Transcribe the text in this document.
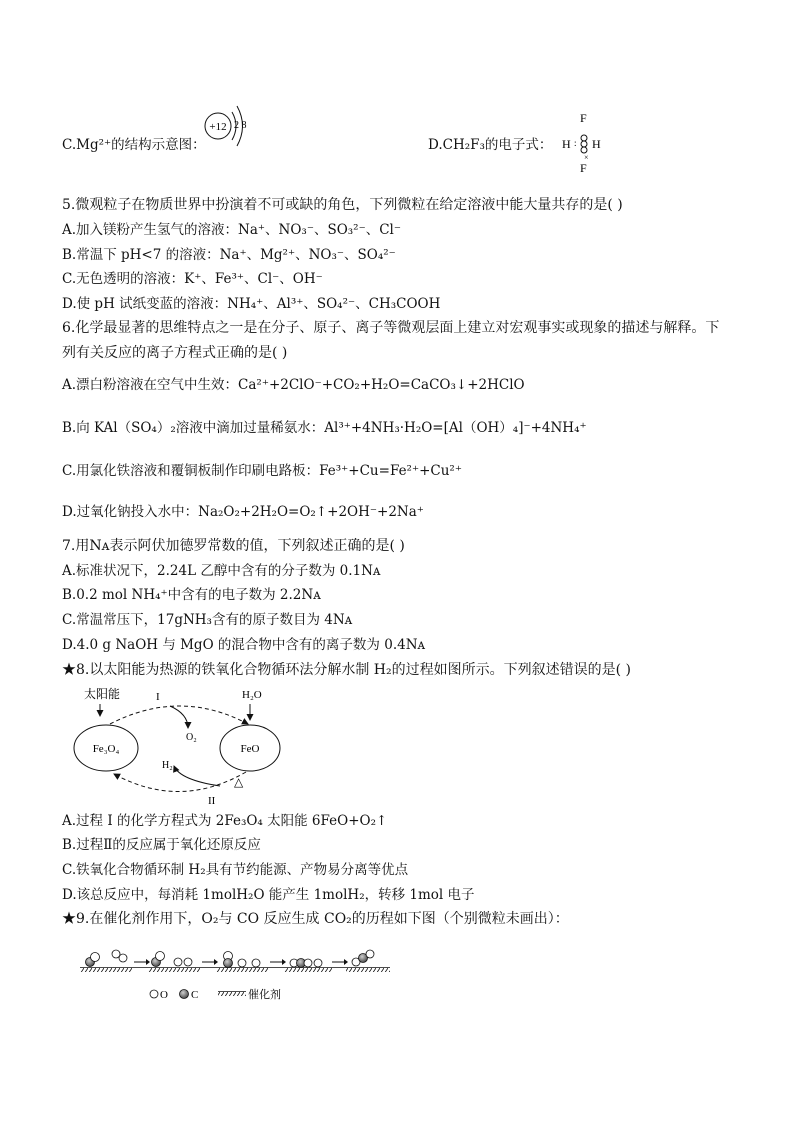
C.Mg²⁺的结构示意图：
+12 2 8
D.CH₂F₃的电子式：
F
H : H
×
F
5.微观粒子在物质世界中扮演着不可或缺的角色，下列微粒在给定溶液中能大量共存的是( )
A.加入镁粉产生氢气的溶液：Na⁺、NO₃⁻、SO₃²⁻、Cl⁻
B.常温下 pH<7 的溶液：Na⁺、Mg²⁺、NO₃⁻、SO₄²⁻
C.无色透明的溶液：K⁺、Fe³⁺、Cl⁻、OH⁻
D.使 pH 试纸变蓝的溶液：NH₄⁺、Al³⁺、SO₄²⁻、CH₃COOH
6.化学最显著的思维特点之一是在分子、原子、离子等微观层面上建立对宏观事实或现象的描述与解释。下
列有关反应的离子方程式正确的是( )
A.漂白粉溶液在空气中生效：Ca²⁺+2ClO⁻+CO₂+H₂O=CaCO₃↓+2HClO
B.向 KAl（SO₄）₂溶液中滴加过量稀氨水：Al³⁺+4NH₃·H₂O=[Al（OH）₄]⁻+4NH₄⁺
C.用氯化铁溶液和覆铜板制作印刷电路板：Fe³⁺+Cu=Fe²⁺+Cu²⁺
D.过氧化钠投入水中：Na₂O₂+2H₂O=O₂↑+2OH⁻+2Na⁺
7.用Nᴀ表示阿伏加德罗常数的值，下列叙述正确的是( )
A.标准状况下，2.24L 乙醇中含有的分子数为 0.1Nᴀ
B.0.2 mol NH₄⁺中含有的电子数为 2.2Nᴀ
C.常温常压下，17gNH₃含有的原子数目为 4Nᴀ
D.4.0 g NaOH 与 MgO 的混合物中含有的离子数为 0.4Nᴀ
★8.以太阳能为热源的铁氧化合物循环法分解水制 H₂的过程如图所示。下列叙述错误的是( )
太阳能	I
O₂
H₂O
Fe₃O₄	FeO
H₂
△
II
A.过程 I 的化学方程式为 2Fe₃O₄ 太阳能 6FeO+O₂↑
B.过程Ⅱ的反应属于氧化还原反应
C.铁氧化合物循环制 H₂具有节约能源、产物易分离等优点
D.该总反应中，每消耗 1molH₂O 能产生 1molH₂，转移 1mol 电子
★9.在催化剂作用下，O₂与 CO 反应生成 CO₂的历程如下图（个别微粒未画出）：
O C	催化剂
